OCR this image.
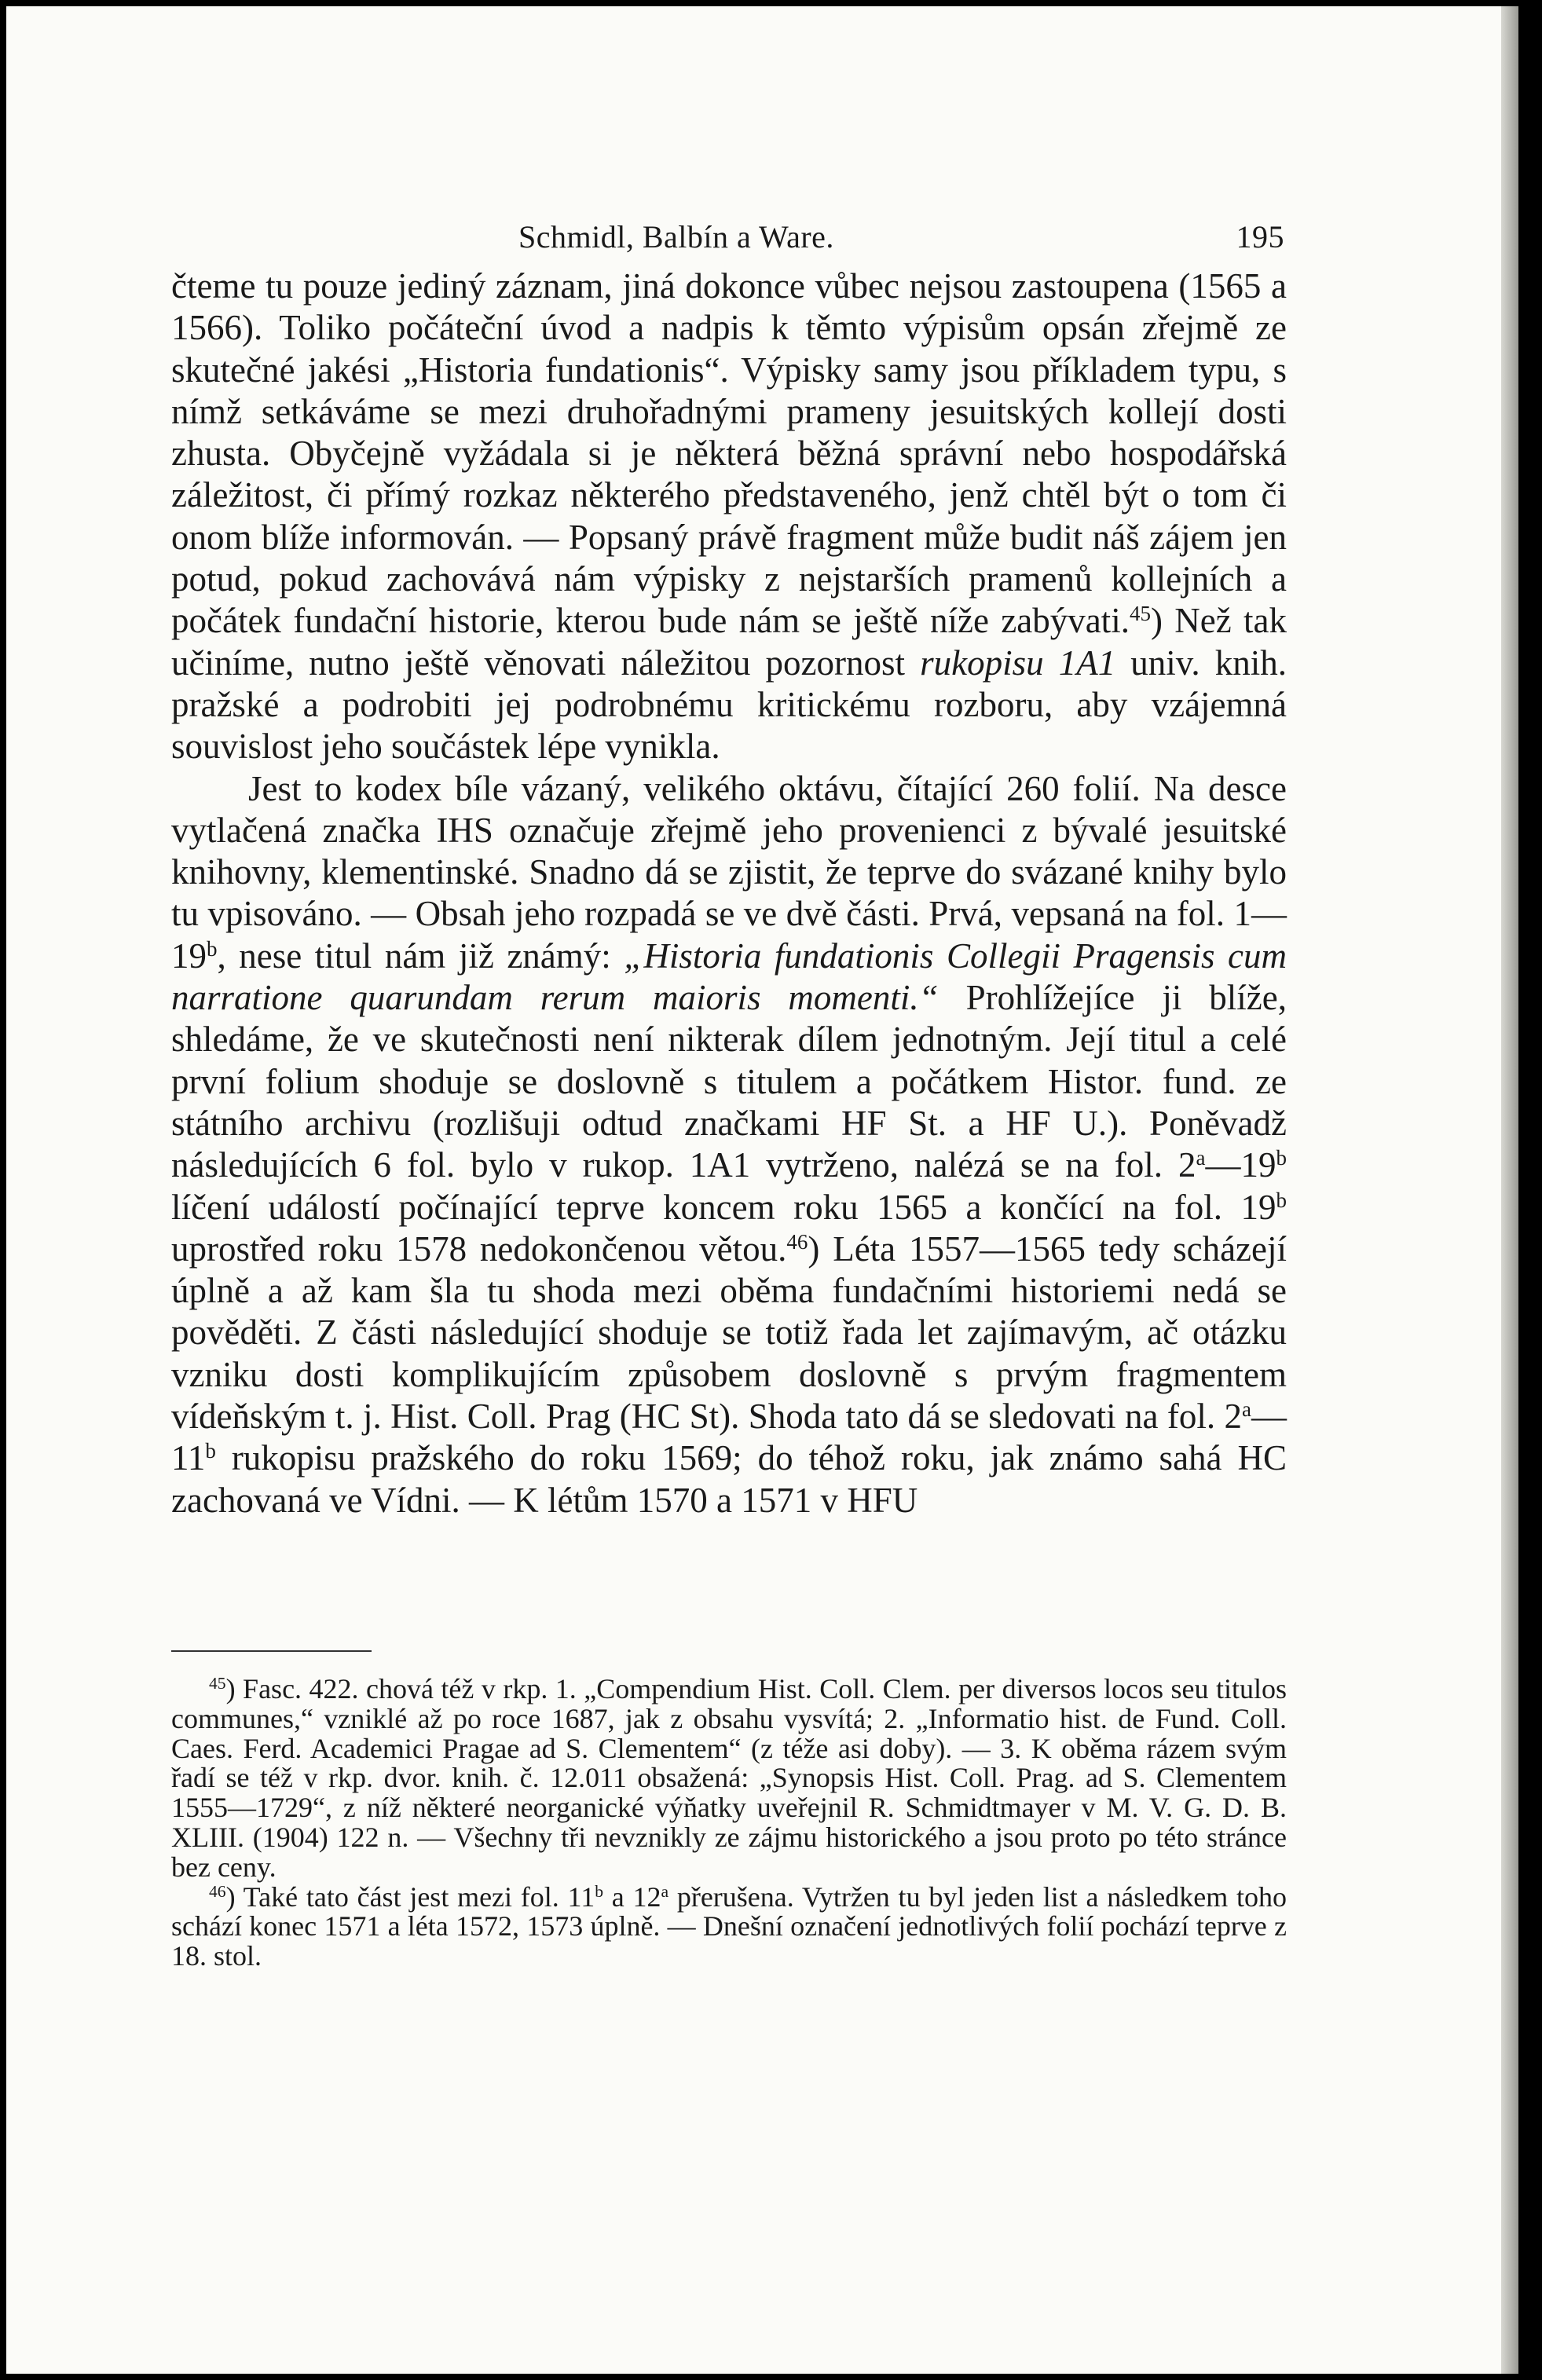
Schmidl, Balbín a Ware.	195

čteme tu pouze jediný záznam, jiná dokonce vůbec nejsou zastoupena (1565 a 1566). Toliko počáteční úvod a nadpis k těmto výpisům opsán zřejmě ze skutečné jakési „Historia fundationis“. Výpisky samy jsou příkladem typu, s nímž setkáváme se mezi druhořadnými prameny jesuitských kollejí dosti zhusta. Obyčejně vyžádala si je některá běžná správní nebo hospodářská záležitost, či přímý rozkaz některého představeného, jenž chtěl být o tom či onom blíže informován. — Popsaný právě fragment může budit náš zájem jen potud, pokud zachovává nám výpisky z nejstarších pramenů kollejních a počátek fundační historie, kterou bude nám se ještě níže zabývati.$^{45}$) Než tak učiníme, nutno ještě věnovati náležitou pozornost rukopisu 1A1 univ. knih. pražské a podrobiti jej podrobnému kritickému rozboru, aby vzájemná souvislost jeho součástek lépe vynikla.

Jest to kodex bíle vázaný, velikého oktávu, čítající 260 folií. Na desce vytlačená značka IHS označuje zřejmě jeho provenienci z bývalé jesuitské knihovny, klementinské. Snadno dá se zjistit, že teprve do svázané knihy bylo tu vpisováno. — Obsah jeho rozpadá se ve dvě části. Prvá, vepsaná na fol. 1—19$^b$, nese titul nám již známý: „Historia fundationis Collegii Pragensis cum narratione quarundam rerum maioris momenti.“ Prohlížejíce ji blíže, shledáme, že ve skutečnosti není nikterak dílem jednotným. Její titul a celé první folium shoduje se doslovně s titulem a počátkem Histor. fund. ze státního archivu (rozlišuji odtud značkami HF St. a HF U.). Poněvadž následujících 6 fol. bylo v rukop. 1A1 vytrženo, nalézá se na fol. 2$^a$—19$^b$ líčení událostí počínající teprve koncem roku 1565 a končící na fol. 19$^b$ uprostřed roku 1578 nedokončenou větou.$^{46}$) Léta 1557—1565 tedy scházejí úplně a až kam šla tu shoda mezi oběma fundačními historiemi nedá se pověděti. Z části následující shoduje se totiž řada let zajímavým, ač otázku vzniku dosti komplikujícím způsobem doslovně s prvým fragmentem vídeňským t. j. Hist. Coll. Prag (HC St). Shoda tato dá se sledovati na fol. 2$^a$—11$^b$ rukopisu pražského do roku 1569; do téhož roku, jak známo sahá HC zachovaná ve Vídni. — K létům 1570 a 1571 v HFU

$^{45}$) Fasc. 422. chová též v rkp. 1. „Compendium Hist. Coll. Clem. per diversos locos seu titulos communes,“ vzniklé až po roce 1687, jak z obsahu vysvítá; 2. „Informatio hist. de Fund. Coll. Caes. Ferd. Academici Pragae ad S. Clementem“ (z téže asi doby). — 3. K oběma rázem svým řadí se též v rkp. dvor. knih. č. 12.011 obsažená: „Synopsis Hist. Coll. Prag. ad S. Clementem 1555—1729“, z níž některé neorganické výňatky uveřejnil R. Schmidtmayer v M. V. G. D. B. XLIII. (1904) 122 n. — Všechny tři nevznikly ze zájmu historického a jsou proto po této stránce bez ceny.

$^{46}$) Také tato část jest mezi fol. 11$^b$ a 12$^a$ přerušena. Vytržen tu byl jeden list a následkem toho schází konec 1571 a léta 1572, 1573 úplně. — Dnešní označení jednotlivých folií pochází teprve z 18. stol.
